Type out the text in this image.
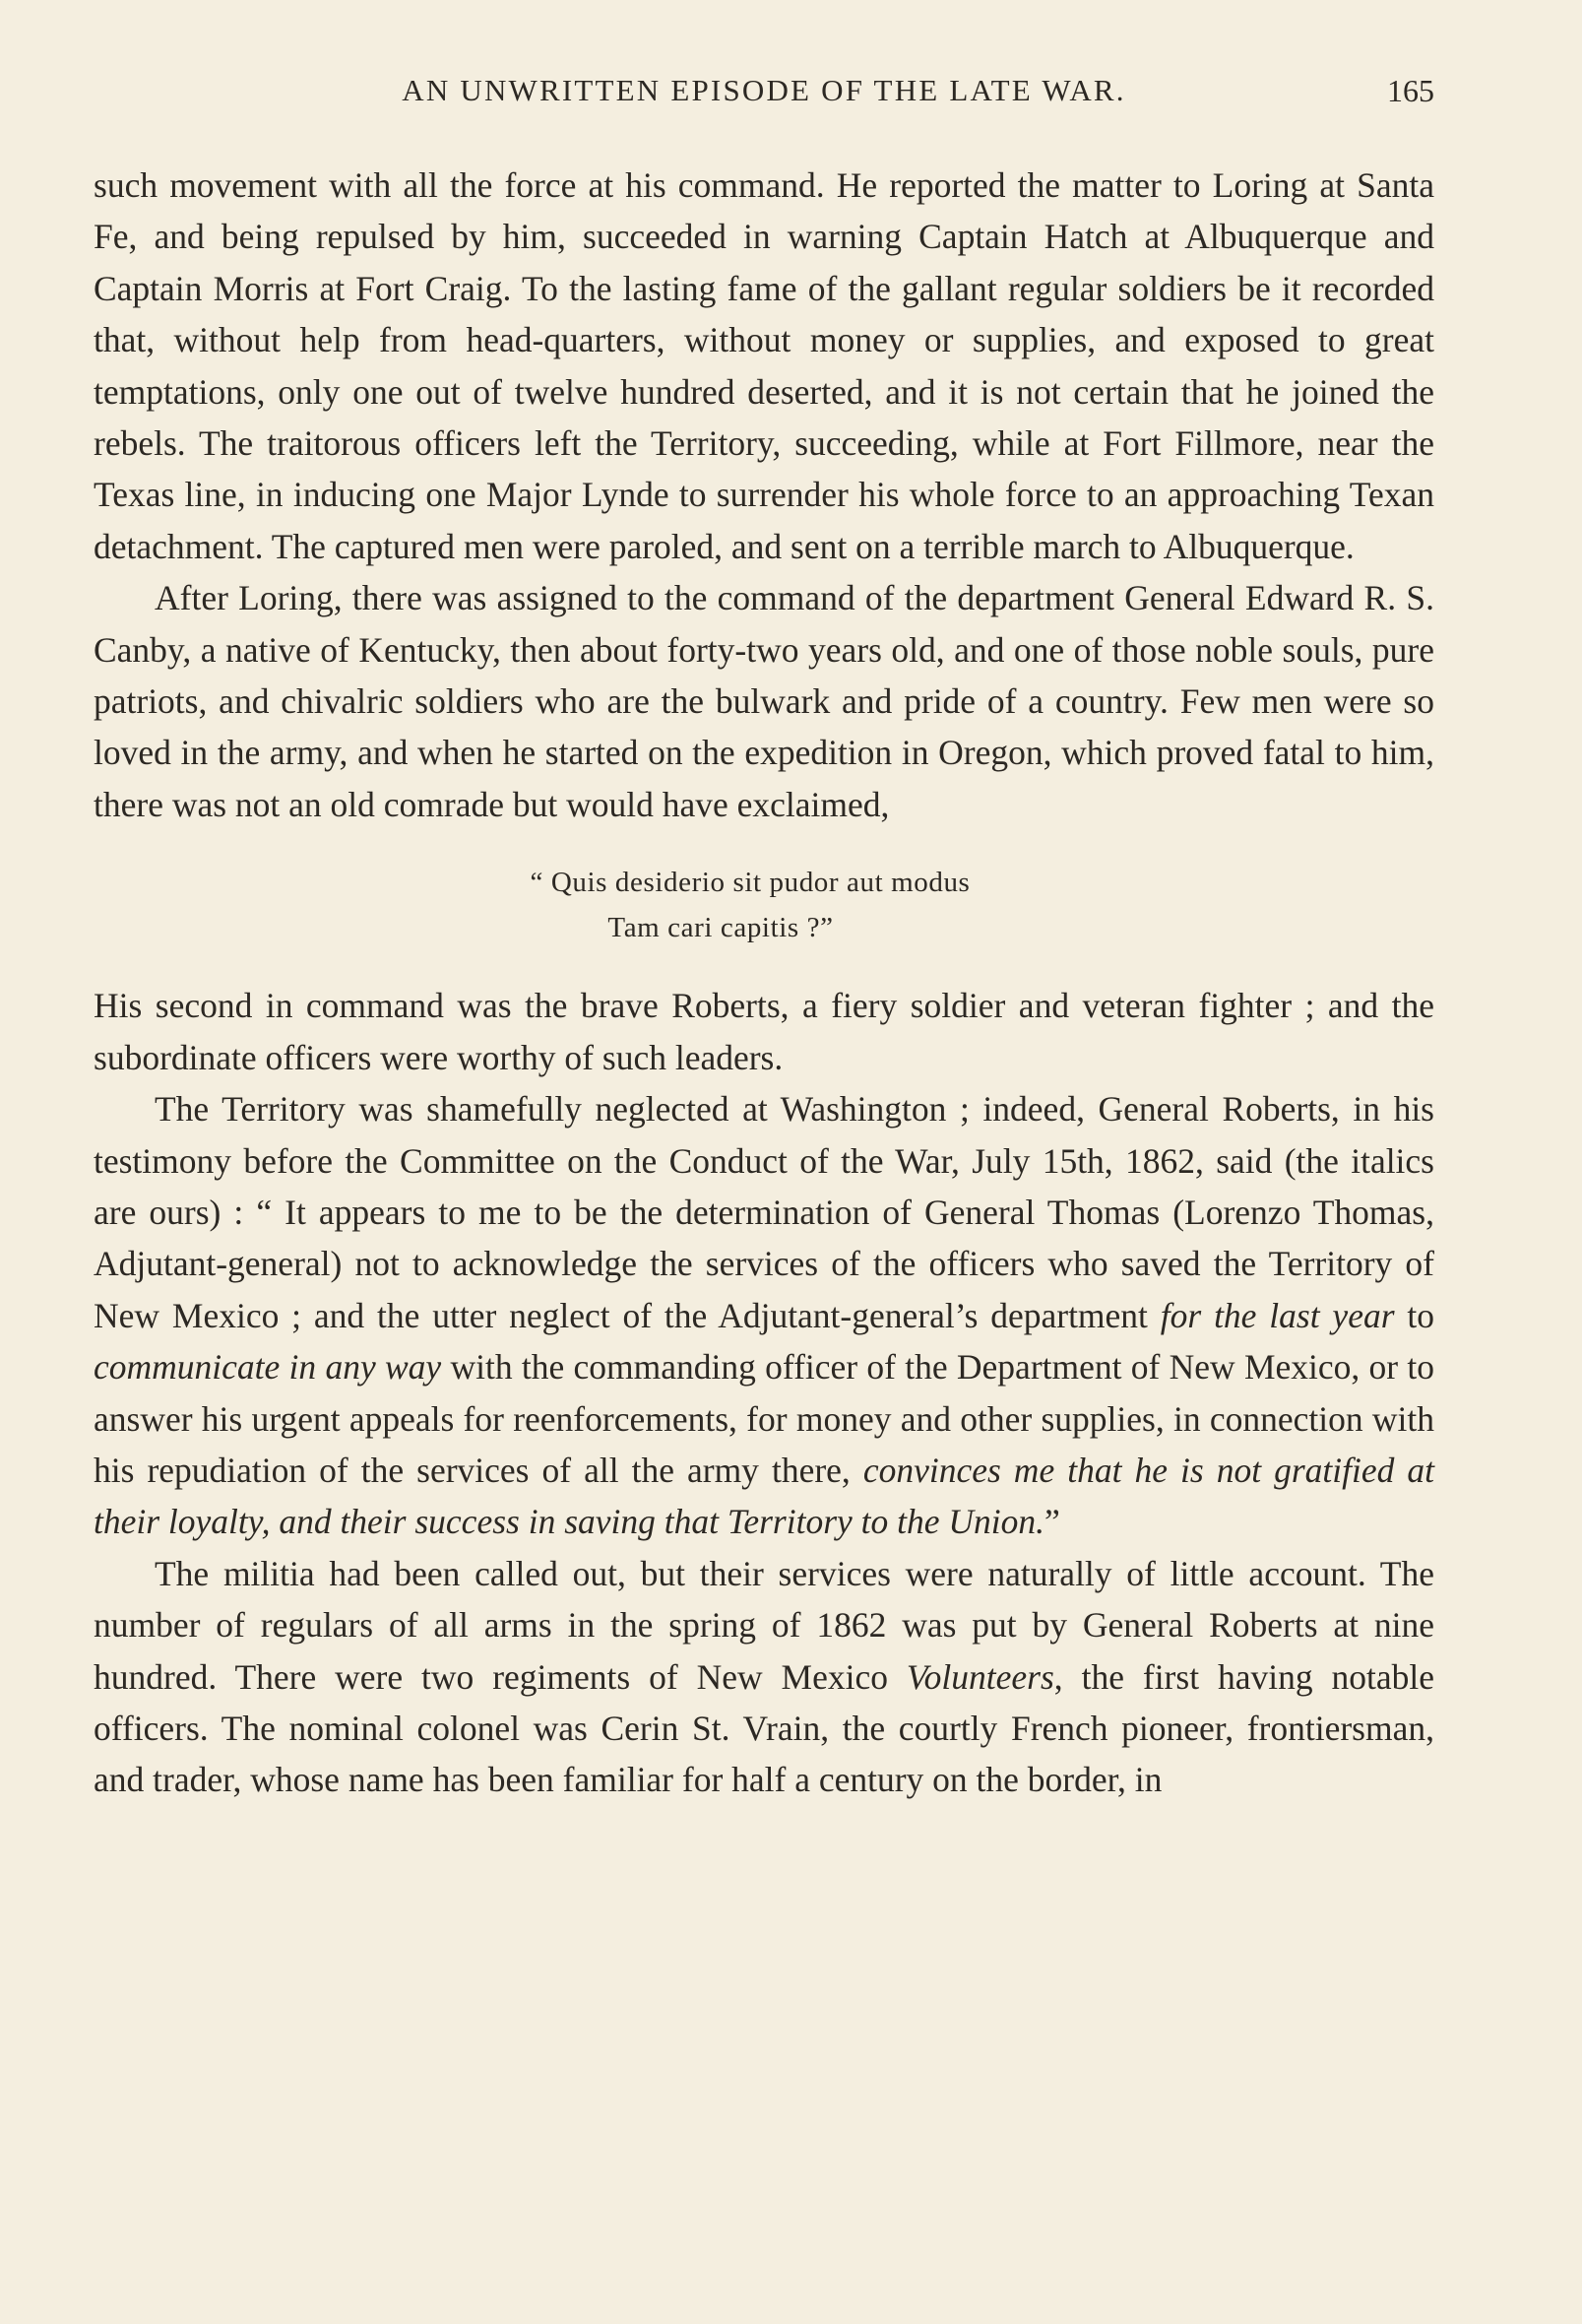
AN UNWRITTEN EPISODE OF THE LATE WAR.	165

such movement with all the force at his command. He reported the matter to Loring at Santa Fe, and being repulsed by him, succeeded in warning Captain Hatch at Albuquerque and Captain Morris at Fort Craig. To the lasting fame of the gallant regular soldiers be it recorded that, without help from head-quarters, without money or supplies, and exposed to great temptations, only one out of twelve hundred deserted, and it is not certain that he joined the rebels. The traitorous officers left the Territory, succeeding, while at Fort Fillmore, near the Texas line, in inducing one Major Lynde to surrender his whole force to an approaching Texan detachment. The captured men were paroled, and sent on a terrible march to Albuquerque.

After Loring, there was assigned to the command of the department General Edward R. S. Canby, a native of Kentucky, then about forty-two years old, and one of those noble souls, pure patriots, and chivalric soldiers who are the bulwark and pride of a country. Few men were so loved in the army, and when he started on the expedition in Oregon, which proved fatal to him, there was not an old comrade but would have exclaimed,

“ Quis desiderio sit pudor aut modus
Tam cari capitis ?”

His second in command was the brave Roberts, a fiery soldier and veteran fighter ; and the subordinate officers were worthy of such leaders.

The Territory was shamefully neglected at Washington ; indeed, General Roberts, in his testimony before the Committee on the Conduct of the War, July 15th, 1862, said (the italics are ours) : “ It appears to me to be the determination of General Thomas (Lorenzo Thomas, Adjutant-general) not to acknowledge the services of the officers who saved the Territory of New Mexico ; and the utter neglect of the Adjutant-general’s department for the last year to communicate in any way with the commanding officer of the Department of New Mexico, or to answer his urgent appeals for reenforcements, for money and other supplies, in connection with his repudiation of the services of all the army there, convinces me that he is not gratified at their loyalty, and their success in saving that Territory to the Union.”

The militia had been called out, but their services were naturally of little account. The number of regulars of all arms in the spring of 1862 was put by General Roberts at nine hundred. There were two regiments of New Mexico Volunteers, the first having notable officers. The nominal colonel was Cerin St. Vrain, the courtly French pioneer, frontiersman, and trader, whose name has been familiar for half a century on the border, in
